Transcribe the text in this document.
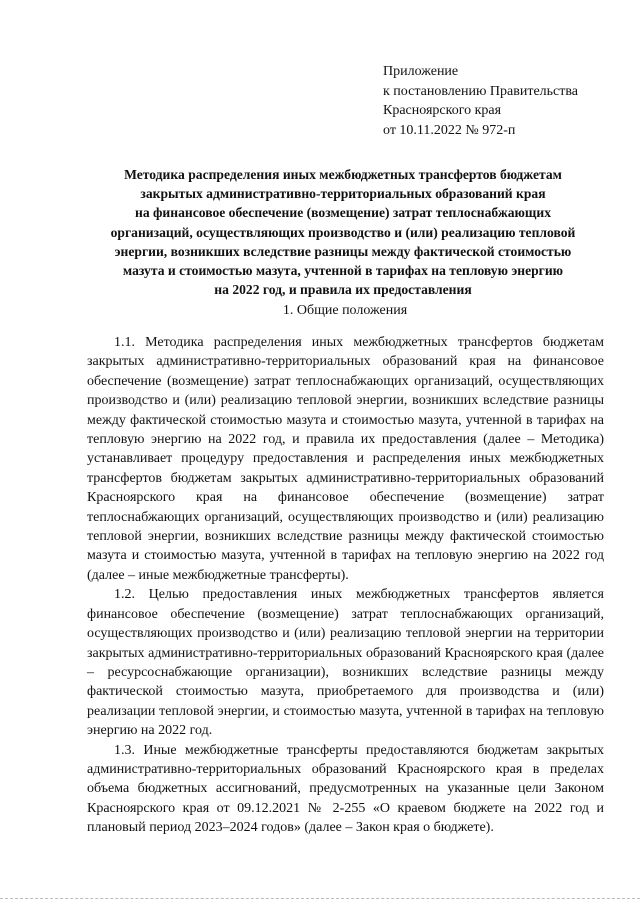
Приложение
к постановлению Правительства
Красноярского края
от 10.11.2022 № 972-п
Методика распределения иных межбюджетных трансфертов бюджетам
закрытых административно-территориальных образований края
на финансовое обеспечение (возмещение) затрат теплоснабжающих
организаций, осуществляющих производство и (или) реализацию тепловой
энергии, возникших вследствие разницы между фактической стоимостью
мазута и стоимостью мазута, учтенной в тарифах на тепловую энергию
на 2022 год, и правила их предоставления
1. Общие положения

1.1. Методика распределения иных межбюджетных трансфертов бюджетам закрытых административно-территориальных образований края на финансовое обеспечение (возмещение) затрат теплоснабжающих организаций, осуществляющих производство и (или) реализацию тепловой энергии, возникших вследствие разницы между фактической стоимостью мазута и стоимостью мазута, учтенной в тарифах на тепловую энергию на 2022 год, и правила их предоставления (далее – Методика) устанавливает процедуру предоставления и распределения иных межбюджетных трансфертов бюджетам закрытых административно-территориальных образований Красноярского края на финансовое обеспечение (возмещение) затрат теплоснабжающих организаций, осуществляющих производство и (или) реализацию тепловой энергии, возникших вследствие разницы между фактической стоимостью мазута и стоимостью мазута, учтенной в тарифах на тепловую энергию на 2022 год (далее – иные межбюджетные трансферты).

1.2. Целью предоставления иных межбюджетных трансфертов является финансовое обеспечение (возмещение) затрат теплоснабжающих организаций, осуществляющих производство и (или) реализацию тепловой энергии на территории закрытых административно-территориальных образований Красноярского края (далее – ресурсоснабжающие организации), возникших вследствие разницы между фактической стоимостью мазута, приобретаемого для производства и (или) реализации тепловой энергии, и стоимостью мазута, учтенной в тарифах на тепловую энергию на 2022 год.

1.3. Иные межбюджетные трансферты предоставляются бюджетам закрытых административно-территориальных образований Красноярского края в пределах объема бюджетных ассигнований, предусмотренных на указанные цели Законом Красноярского края от 09.12.2021 № 2-255 «О краевом бюджете на 2022 год и плановый период 2023–2024 годов» (далее – Закон края о бюджете).
